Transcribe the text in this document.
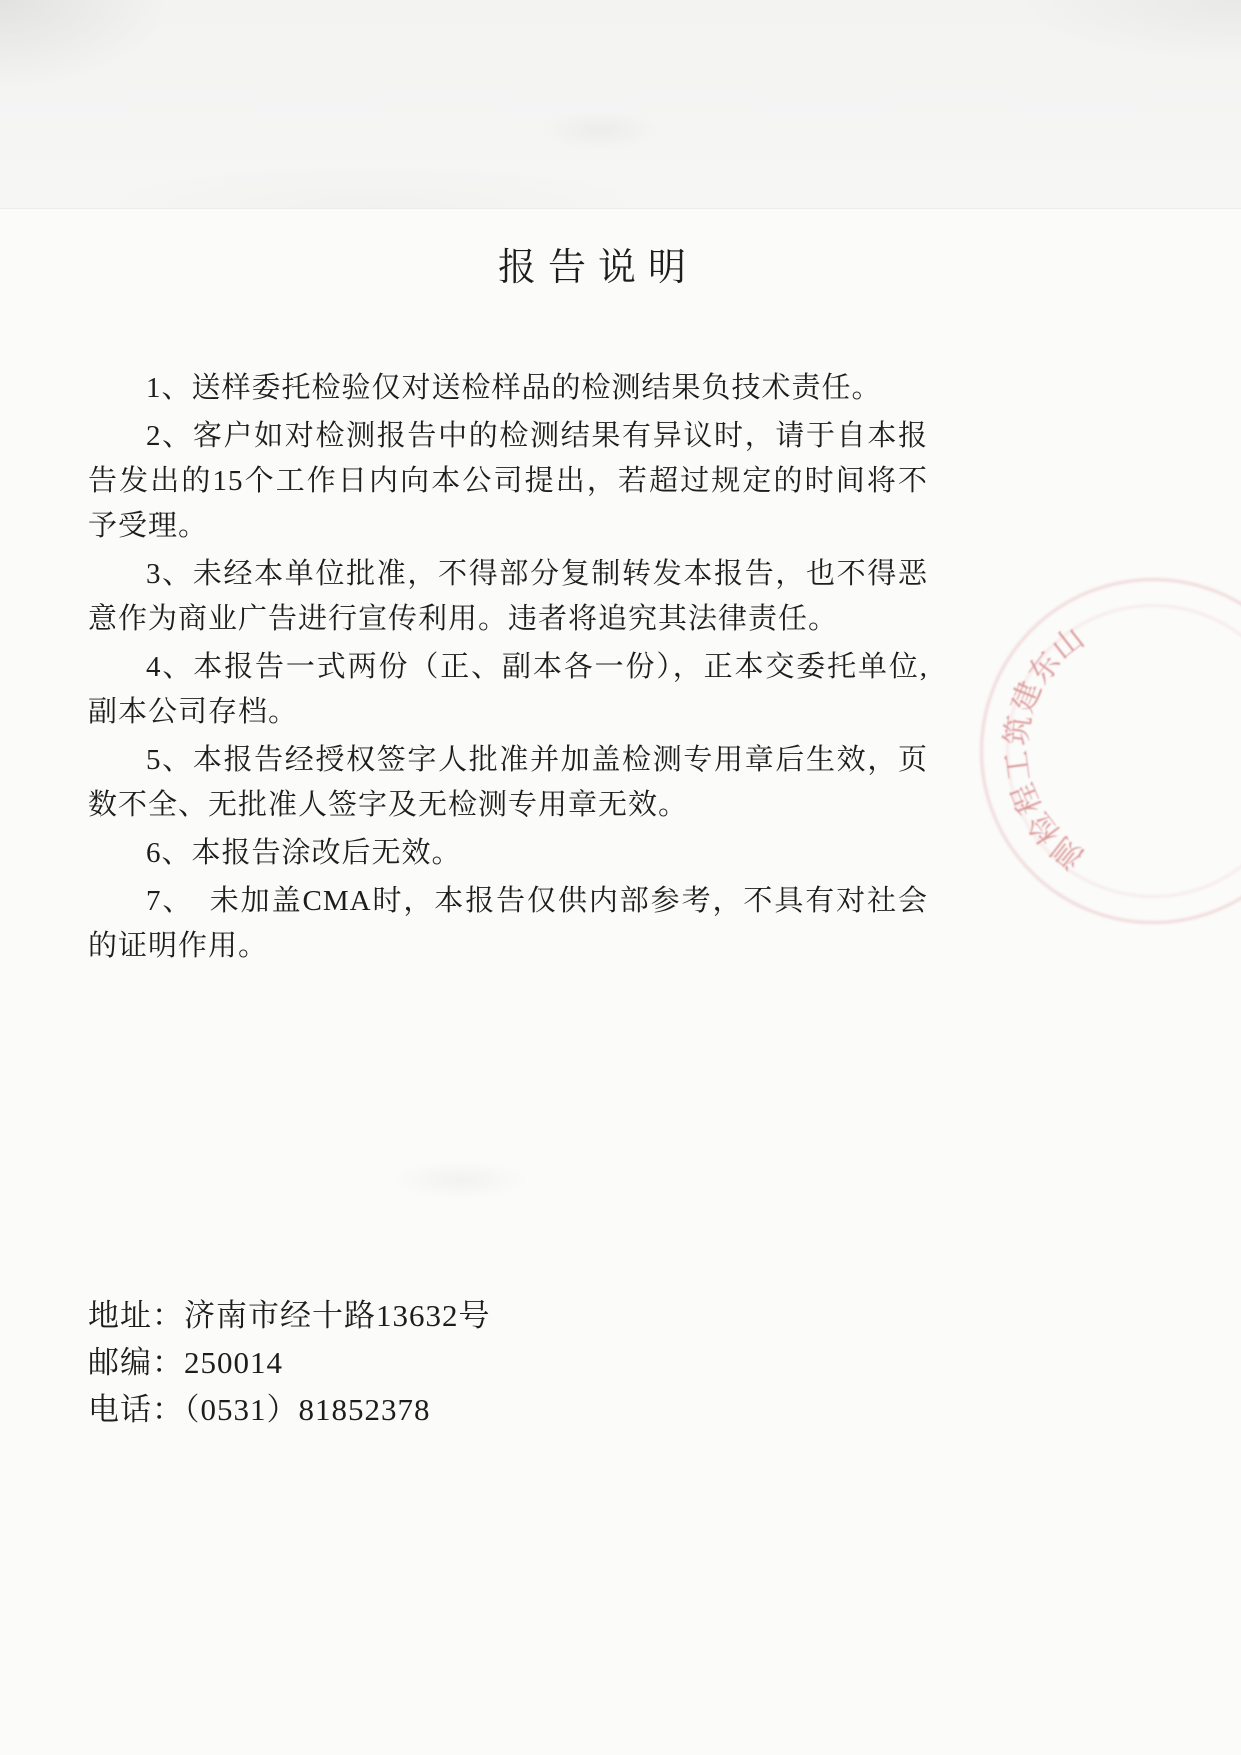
报告说明

1、送样委托检验仅对送检样品的检测结果负技术责任。

2、客户如对检测报告中的检测结果有异议时，请于自本报告发出的15个工作日内向本公司提出，若超过规定的时间将不予受理。

3、未经本单位批准，不得部分复制转发本报告，也不得恶意作为商业广告进行宣传利用。违者将追究其法律责任。

4、本报告一式两份（正、副本各一份），正本交委托单位,副本公司存档。

5、本报告经授权签字人批准并加盖检测专用章后生效，页数不全、无批准人签字及无检测专用章无效。

6、本报告涂改后无效。

7、　未加盖CMA时，本报告仅供内部参考，不具有对社会的证明作用。

山
东
建
筑
工
程
检
测

地址：济南市经十路13632号

邮编：250014

电话：（0531）81852378
